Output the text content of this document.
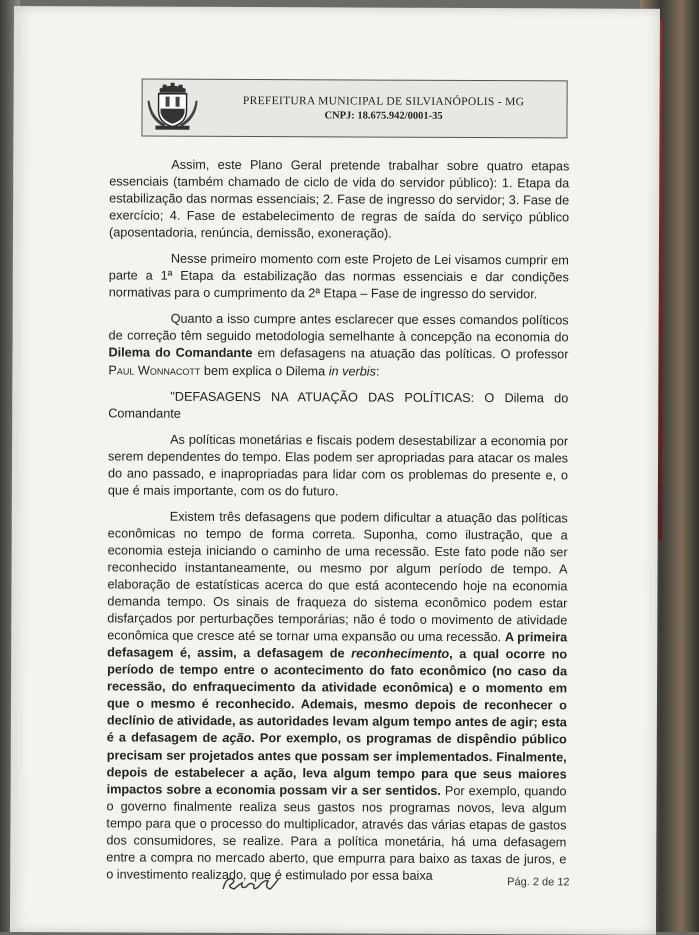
PREFEITURA MUNICIPAL DE SILVIANÓPOLIS - MG
CNPJ: 18.675.942/0001-35

Assim, este Plano Geral pretende trabalhar sobre quatro etapas essenciais (também chamado de ciclo de vida do servidor público): 1. Etapa da estabilização das normas essenciais; 2. Fase de ingresso do servidor; 3. Fase de exercício; 4. Fase de estabelecimento de regras de saída do serviço público (aposentadoria, renúncia, demissão, exoneração).

Nesse primeiro momento com este Projeto de Lei visamos cumprir em parte a 1ª Etapa da estabilização das normas essenciais e dar condições normativas para o cumprimento da 2ª Etapa – Fase de ingresso do servidor.

Quanto a isso cumpre antes esclarecer que esses comandos políticos de correção têm seguido metodologia semelhante à concepção na economia do Dilema do Comandante em defasagens na atuação das políticas. O professor Paul Wonnacott bem explica o Dilema in verbis:

"DEFASAGENS NA ATUAÇÃO DAS POLÍTICAS: O Dilema do Comandante

As políticas monetárias e fiscais podem desestabilizar a economia por serem dependentes do tempo. Elas podem ser apropriadas para atacar os males do ano passado, e inapropriadas para lidar com os problemas do presente e, o que é mais importante, com os do futuro.

Existem três defasagens que podem dificultar a atuação das políticas econômicas no tempo de forma correta. Suponha, como ilustração, que a economia esteja iniciando o caminho de uma recessão. Este fato pode não ser reconhecido instantaneamente, ou mesmo por algum período de tempo. A elaboração de estatísticas acerca do que está acontecendo hoje na economia demanda tempo. Os sinais de fraqueza do sistema econômico podem estar disfarçados por perturbações temporárias; não é todo o movimento de atividade econômica que cresce até se tornar uma expansão ou uma recessão. A primeira defasagem é, assim, a defasagem de reconhecimento, a qual ocorre no período de tempo entre o acontecimento do fato econômico (no caso da recessão, do enfraquecimento da atividade econômica) e o momento em que o mesmo é reconhecido. Ademais, mesmo depois de reconhecer o declínio de atividade, as autoridades levam algum tempo antes de agir; esta é a defasagem de ação. Por exemplo, os programas de dispêndio público precisam ser projetados antes que possam ser implementados. Finalmente, depois de estabelecer a ação, leva algum tempo para que seus maiores impactos sobre a economia possam vir a ser sentidos. Por exemplo, quando o governo finalmente realiza seus gastos nos programas novos, leva algum tempo para que o processo do multiplicador, através das várias etapas de gastos dos consumidores, se realize. Para a política monetária, há uma defasagem entre a compra no mercado aberto, que empurra para baixo as taxas de juros, e o investimento realizado, que é estimulado por essa baixa	Pág. 2 de 12
